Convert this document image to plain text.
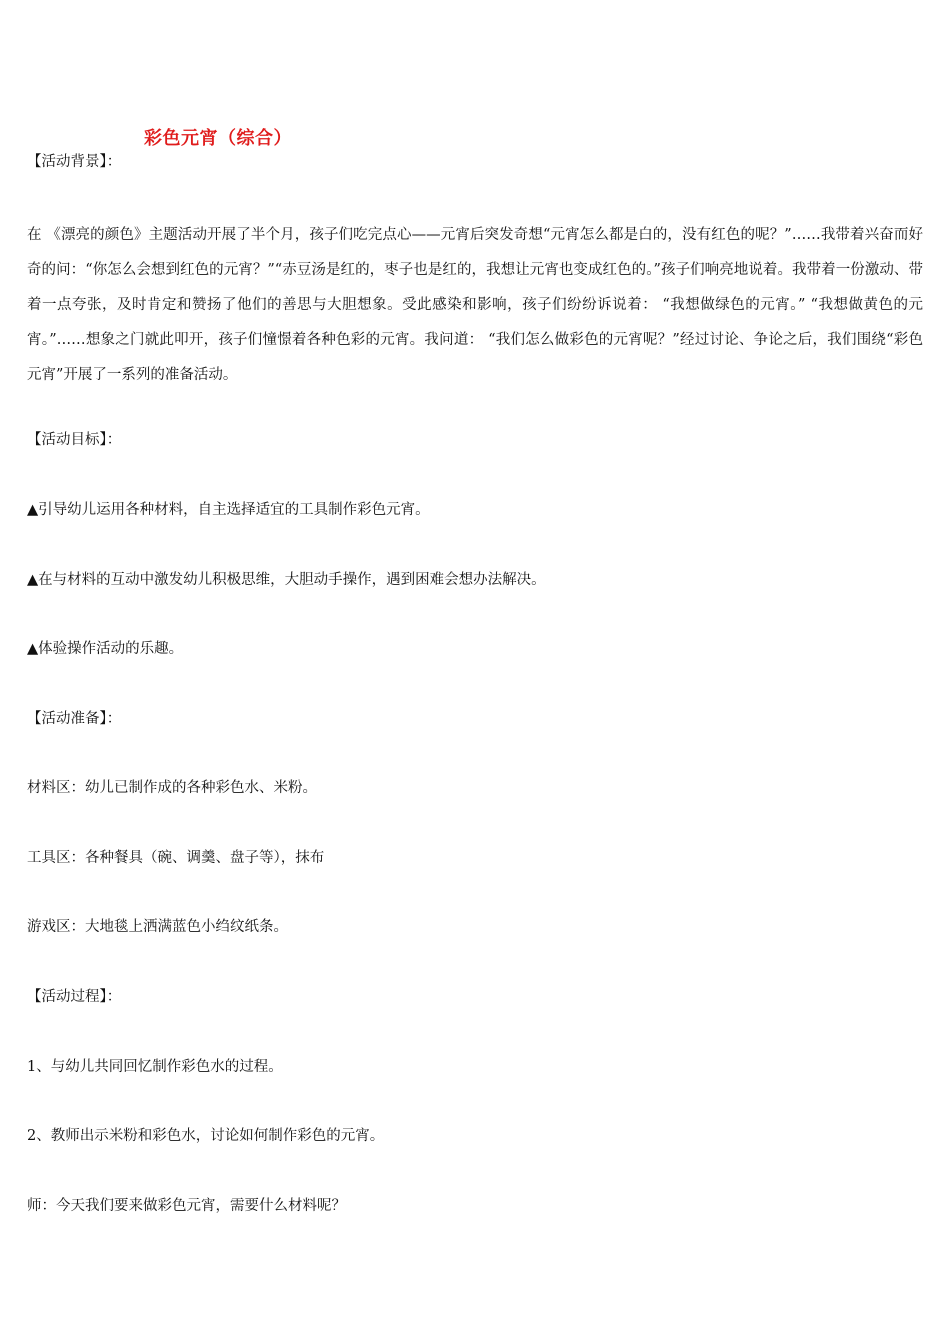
彩色元宵（综合）
【活动背景】：
在 《漂亮的颜色》主题活动开展了半个月，孩子们吃完点心——元宵后突发奇想“元宵怎么都是白的，没有红色的呢？”……我带着兴奋而好奇的问：“你怎么会想到红色的元宵？”“赤豆汤是红的，枣子也是红的，我想让元宵也变成红色的。”孩子们响亮地说着。我带着一份激动、带着一点夸张，及时肯定和赞扬了他们的善思与大胆想象。受此感染和影响，孩子们纷纷诉说着： “我想做绿色的元宵。” “我想做黄色的元宵。”……想象之门就此叩开，孩子们憧憬着各种色彩的元宵。我问道： “我们怎么做彩色的元宵呢？”经过讨论、争论之后，我们围绕“彩色元宵”开展了一系列的准备活动。
【活动目标】：
▲引导幼儿运用各种材料，自主选择适宜的工具制作彩色元宵。
▲在与材料的互动中激发幼儿积极思维，大胆动手操作，遇到困难会想办法解决。
▲体验操作活动的乐趣。
【活动准备】：
材料区：幼儿已制作成的各种彩色水、米粉。
工具区：各种餐具（碗、调羹、盘子等），抹布
游戏区：大地毯上洒满蓝色小绉纹纸条。
【活动过程】：
1、与幼儿共同回忆制作彩色水的过程。
2、教师出示米粉和彩色水，讨论如何制作彩色的元宵。
师：今天我们要来做彩色元宵，需要什么材料呢？
